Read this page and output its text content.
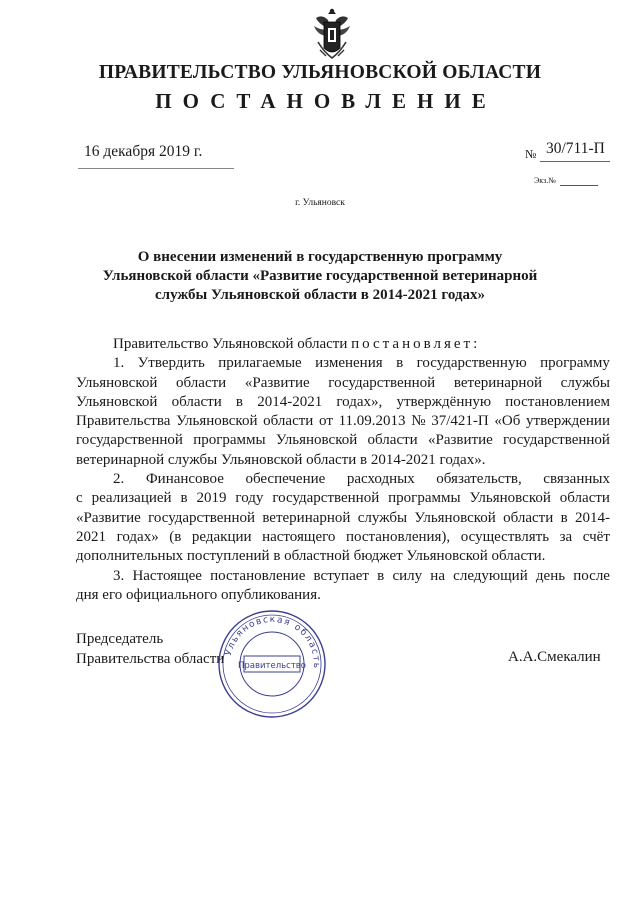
ПРАВИТЕЛЬСТВО УЛЬЯНОВСКОЙ ОБЛАСТИ
ПОСТАНОВЛЕНИЕ
16 декабря 2019 г.	№ 30/711-П
Экз.№
г. Ульяновск
О внесении изменений в государственную программу
Ульяновской области «Развитие государственной ветеринарной
службы Ульяновской области в 2014-2021 годах»
Правительство Ульяновской области постановляет:
1. Утвердить прилагаемые изменения в государственную программу
Ульяновской области «Развитие государственной ветеринарной службы
Ульяновской области в 2014-2021 годах», утверждённую постановлением
Правительства Ульяновской области от 11.09.2013 № 37/421-П «Об утверждении
государственной программы Ульяновской области «Развитие государственной
ветеринарной службы Ульяновской области в 2014-2021 годах».
2. Финансовое обеспечение расходных обязательств, связанных
с реализацией в 2019 году государственной программы Ульяновской области
«Развитие государственной ветеринарной службы Ульяновской области в 2014-
2021 годах» (в редакции настоящего постановления), осуществлять за счёт
дополнительных поступлений в областной бюджет Ульяновской области.
3. Настоящее постановление вступает в силу на следующий день после
дня его официального опубликования.
Председатель
Правительства области	А.А.Смекалин
Ульяновская область
Правительство
